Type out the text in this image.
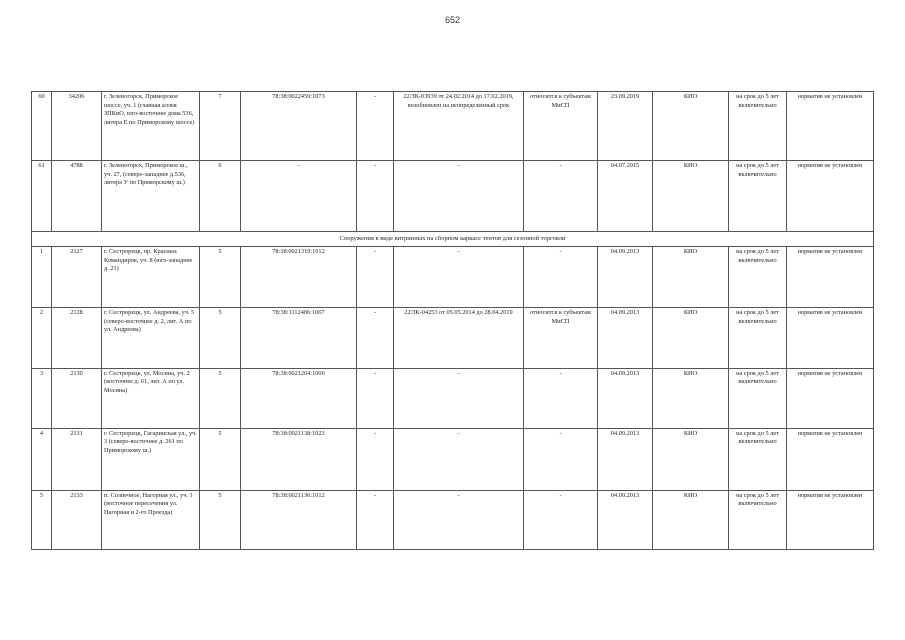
652
60	34206	г. Зеленогорск, Приморское шоссе, уч. 1 (главная аллея ЗПКиО, юго-восточнее дома 536, литера Е по Приморскому шоссе)	7	78:38:0022459:1073	-	22/ЗК-03939 от 24.02.2014 до 17.02.2019, возобновлен на неопределенный срок	относится к субъектам МиСП	23.09.2019	КИО	на срок до 5 лет включительно	норматив не установлен
61	4788	г. Зеленогорск, Приморское ш., уч. 27, (северо-западнее д.536, литера У по Приморскому ш.)	6	-	-	-	-	04.07.2015	КИО	на срок до 5 лет включительно	норматив не установлен
Сооружения в виде витринных на сборном каркасе тентов для сезонной торговли											
1	2127	г. Сестрорецк, пр. Красных Командиров, уч. 8 (юго-западнее д. 21)	5	78:38:0021319:1012	-	-	-	04.09.2013	КИО	на срок до 5 лет включительно	норматив не установлен
2	2128	г. Сестрорецк, ул. Андреева, уч. 5 (северо-восточнее д. 2, лит. А по ул. Андреева)	5	78:38:1112406:1067	-	22/ЗК-04253 от 05.05.2014 до 28.04.2019	относится к субъектам МиСП	04.09.2013	КИО	на срок до 5 лет включительно	норматив не установлен
3	2130	г. Сестрорецк, ул. Мосина, уч. 2 (восточнее д. 61, лит. А по ул. Мосина)	5	78:38:0021204:1006	-	-	-	04.09.2013	КИО	на срок до 5 лет включительно	норматив не установлен
4	2131	г. Сестрорецк, Гагаринская ул., уч. 3 (северо-восточнее д. 261 по Приморскому ш.)	5	78:38:0021138:1023	-	-	-	04.09.2013	КИО	на срок до 5 лет включительно	норматив не установлен
5	2133	п. Солнечное, Нагорная ул., уч. 1 (восточное пересечения ул. Нагорная и 2-го Проезда)	5	78:38:0021136:1012	-	-	-	04.09.2013	КИО	на срок до 5 лет включительно	норматив не установлен
